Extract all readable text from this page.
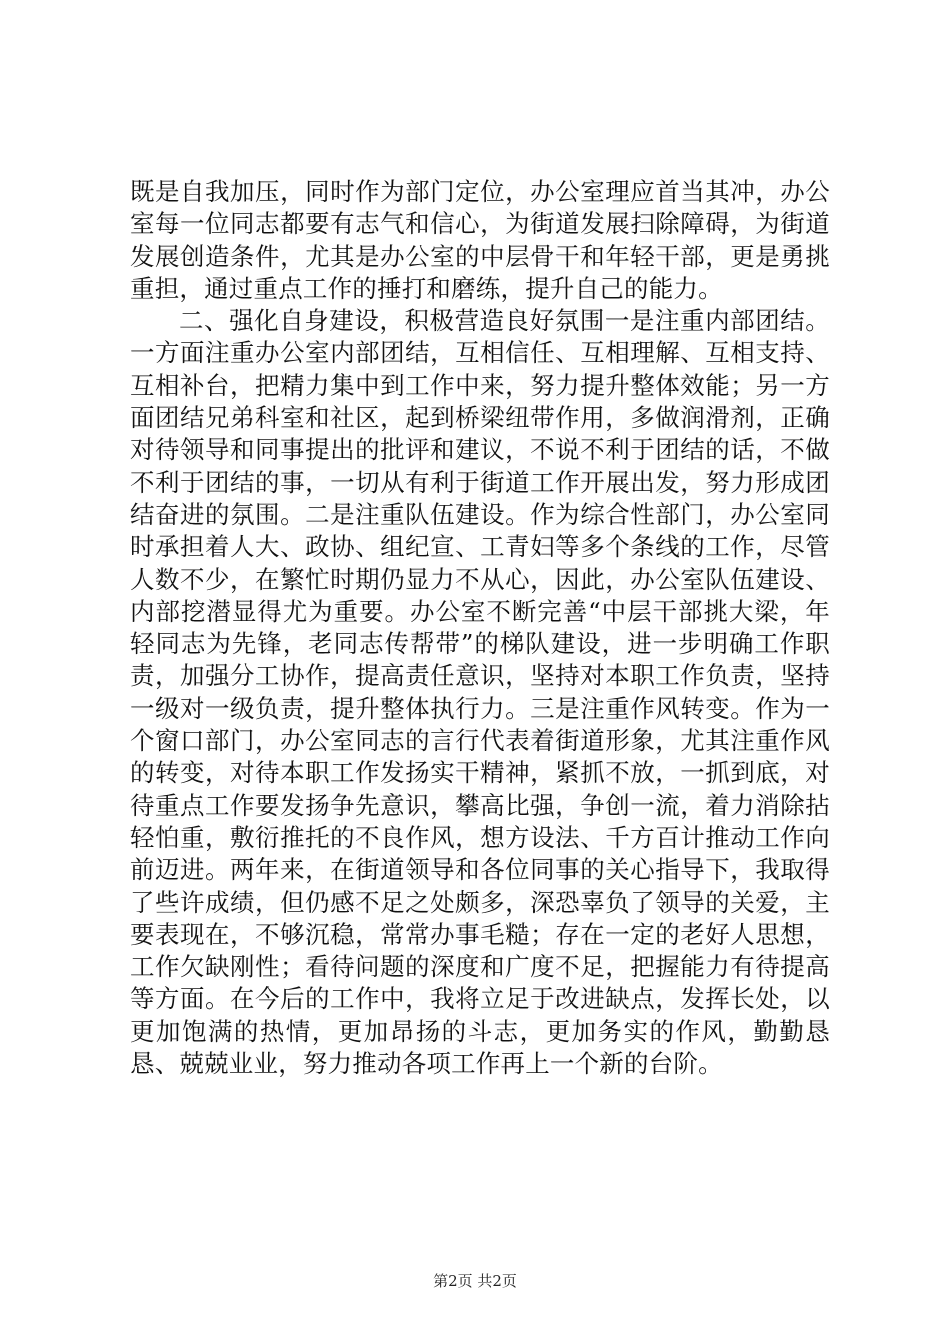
既是自我加压，同时作为部门定位，办公室理应首当其冲，办公室每一位同志都要有志气和信心，为街道发展扫除障碍，为街道发展创造条件，尤其是办公室的中层骨干和年轻干部，更是勇挑重担，通过重点工作的捶打和磨练，提升自己的能力。

二、强化自身建设，积极营造良好氛围一是注重内部团结。一方面注重办公室内部团结，互相信任、互相理解、互相支持、互相补台，把精力集中到工作中来，努力提升整体效能；另一方面团结兄弟科室和社区，起到桥梁纽带作用，多做润滑剂，正确对待领导和同事提出的批评和建议，不说不利于团结的话，不做不利于团结的事，一切从有利于街道工作开展出发，努力形成团结奋进的氛围。二是注重队伍建设。作为综合性部门，办公室同时承担着人大、政协、组纪宣、工青妇等多个条线的工作，尽管人数不少，在繁忙时期仍显力不从心，因此，办公室队伍建设、内部挖潜显得尤为重要。办公室不断完善“中层干部挑大梁，年轻同志为先锋，老同志传帮带”的梯队建设，进一步明确工作职责，加强分工协作，提高责任意识，坚持对本职工作负责，坚持一级对一级负责，提升整体执行力。三是注重作风转变。作为一个窗口部门，办公室同志的言行代表着街道形象，尤其注重作风的转变，对待本职工作发扬实干精神，紧抓不放，一抓到底，对待重点工作要发扬争先意识，攀高比强，争创一流，着力消除拈轻怕重，敷衍推托的不良作风，想方设法、千方百计推动工作向前迈进。两年来，在街道领导和各位同事的关心指导下，我取得了些许成绩，但仍感不足之处颇多，深恐辜负了领导的关爱，主要表现在，不够沉稳，常常办事毛糙；存在一定的老好人思想，工作欠缺刚性；看待问题的深度和广度不足，把握能力有待提高等方面。在今后的工作中，我将立足于改进缺点，发挥长处，以更加饱满的热情，更加昂扬的斗志，更加务实的作风，勤勤恳恳、兢兢业业，努力推动各项工作再上一个新的台阶。

第2页 共2页
